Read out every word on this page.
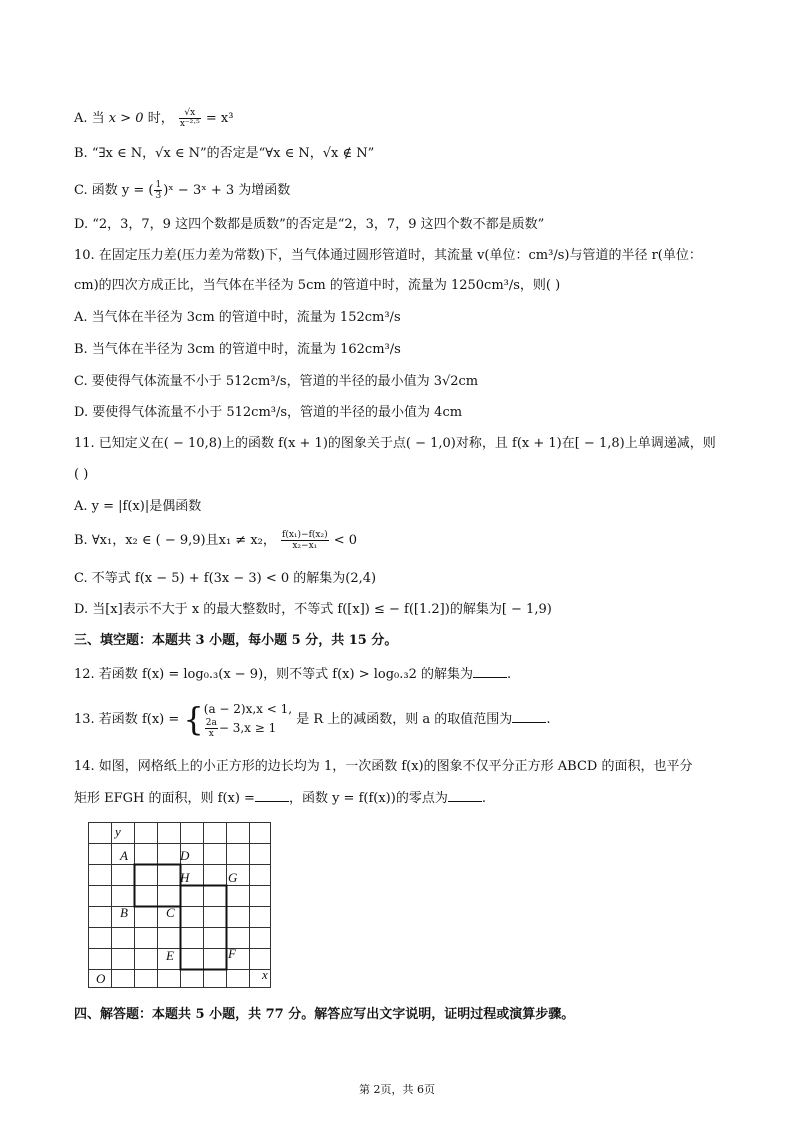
A. 当 x > 0 时， $\frac{√x}{\text{x⁻²·⁵}} = x^3$
B. “∃x ∈ N，√x ∈ N”的否定是“∀x ∈ N，√x ∉ N”
C. 函数 y = ( $\frac{1}{3}$ )ˣ − 3ˣ + 3 为增函数
D. “2，3，7，9 这四个数都是质数”的否定是“2，3，7，9 这四个数不都是质数”
10. 在固定压力差(压力差为常数)下，当气体通过圆形管道时，其流量 v(单位：cm³/s)与管道的半径 r(单位：
cm)的四次方成正比，当气体在半径为 5cm 的管道中时，流量为 1250cm³/s，则( )
A. 当气体在半径为 3cm 的管道中时，流量为 152cm³/s
B. 当气体在半径为 3cm 的管道中时，流量为 162cm³/s
C. 要使得气体流量不小于 512cm³/s，管道的半径的最小值为 3√2cm
D. 要使得气体流量不小于 512cm³/s，管道的半径的最小值为 4cm
11. 已知定义在( − 10,8)上的函数 f(x + 1)的图象关于点( − 1,0)对称，且 f(x + 1)在[ − 1,8)上单调递减，则
( )
A. y = |f(x)|是偶函数
B. ∀x₁，x₂ ∈ ( − 9,9)且x₁ ≠ x₂， $\frac{\text{f(x₁)−f(x₂)}}{\text{x₂−x₁}} < 0$
C. 不等式 f(x − 5) + f(3x − 3) < 0 的解集为(2,4)
D. 当[x]表示不大于 x 的最大整数时，不等式 f([x]) ≤ − f([1.2])的解集为[ − 1,9)
三、填空题：本题共 3 小题，每小题 5 分，共 15 分。
12. 若函数 f(x) = log₀.₃(x − 9)，则不等式 f(x) > log₀.₃2 的解集为	.
13. 若函数 f(x) = { (a − 2)x,x < 1,
$\frac{2a}{x} - 3,x \ge 1$
是 R 上的减函数，则 a 的取值范围为	.
14. 如图，网格纸上的小正方形的边长均为 1，一次函数 f(x)的图象不仅平分正方形 ABCD 的面积，也平分
矩形 EFGH 的面积，则 f(x) =	，函数 y = f(f(x))的零点为	.
y
x
O
A
B	C
D
E	F
G
H
四、解答题：本题共 5 小题，共 77 分。解答应写出文字说明，证明过程或演算步骤。
第 2页，共 6页
